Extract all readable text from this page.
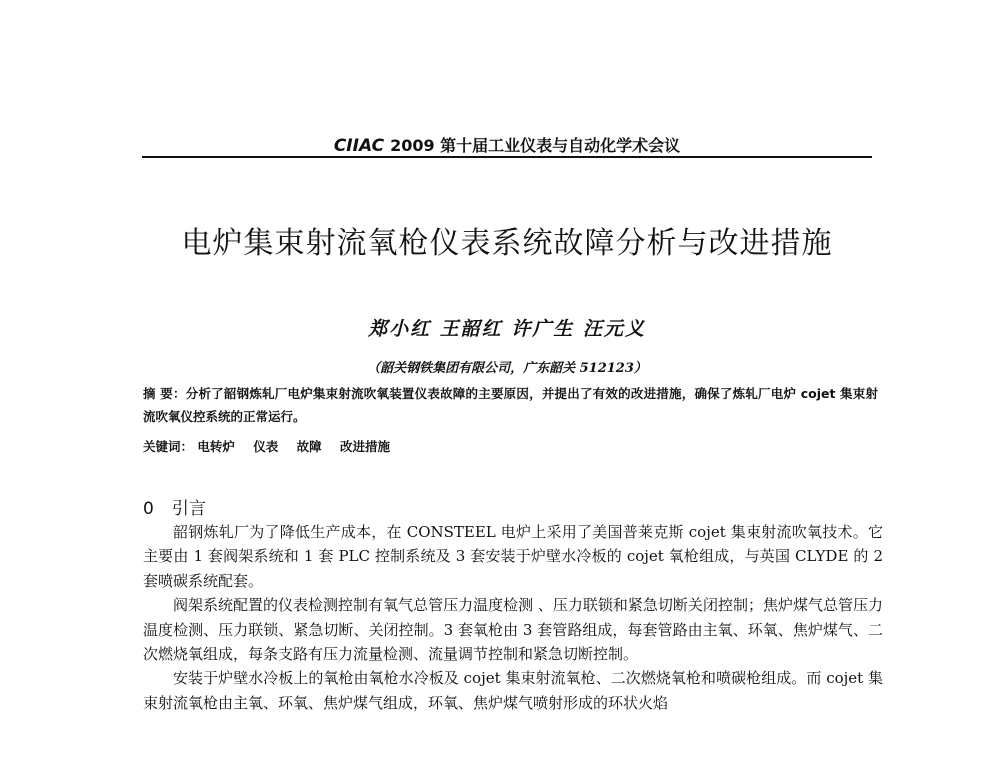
CIIAC 2009 第十届工业仪表与自动化学术会议
电炉集束射流氧枪仪表系统故障分析与改进措施
郑小红 王韶红 许广生 汪元义
（韶关钢铁集团有限公司，广东韶关 512123）
摘 要：分析了韶钢炼轧厂电炉集束射流吹氧装置仪表故障的主要原因，并提出了有效的改进措施，确保了炼轧厂电炉 cojet 集束射流吹氧仪控系统的正常运行。
关键词： 电转炉 仪表 故障 改进措施
0 引言

韶钢炼轧厂为了降低生产成本，在 CONSTEEL 电炉上采用了美国普莱克斯 cojet 集束射流吹氧技术。它主要由 1 套阀架系统和 1 套 PLC 控制系统及 3 套安装于炉壁水冷板的 cojet 氧枪组成，与英国 CLYDE 的 2 套喷碳系统配套。

阀架系统配置的仪表检测控制有氧气总管压力温度检测 、压力联锁和紧急切断关闭控制；焦炉煤气总管压力温度检测、压力联锁、紧急切断、关闭控制。3 套氧枪由 3 套管路组成，每套管路由主氧、环氧、焦炉煤气、二次燃烧氧组成，每条支路有压力流量检测、流量调节控制和紧急切断控制。

安装于炉壁水冷板上的氧枪由氧枪水冷板及 cojet 集束射流氧枪、二次燃烧氧枪和喷碳枪组成。而 cojet 集束射流氧枪由主氧、环氧、焦炉煤气组成，环氧、焦炉煤气喷射形成的环状火焰
